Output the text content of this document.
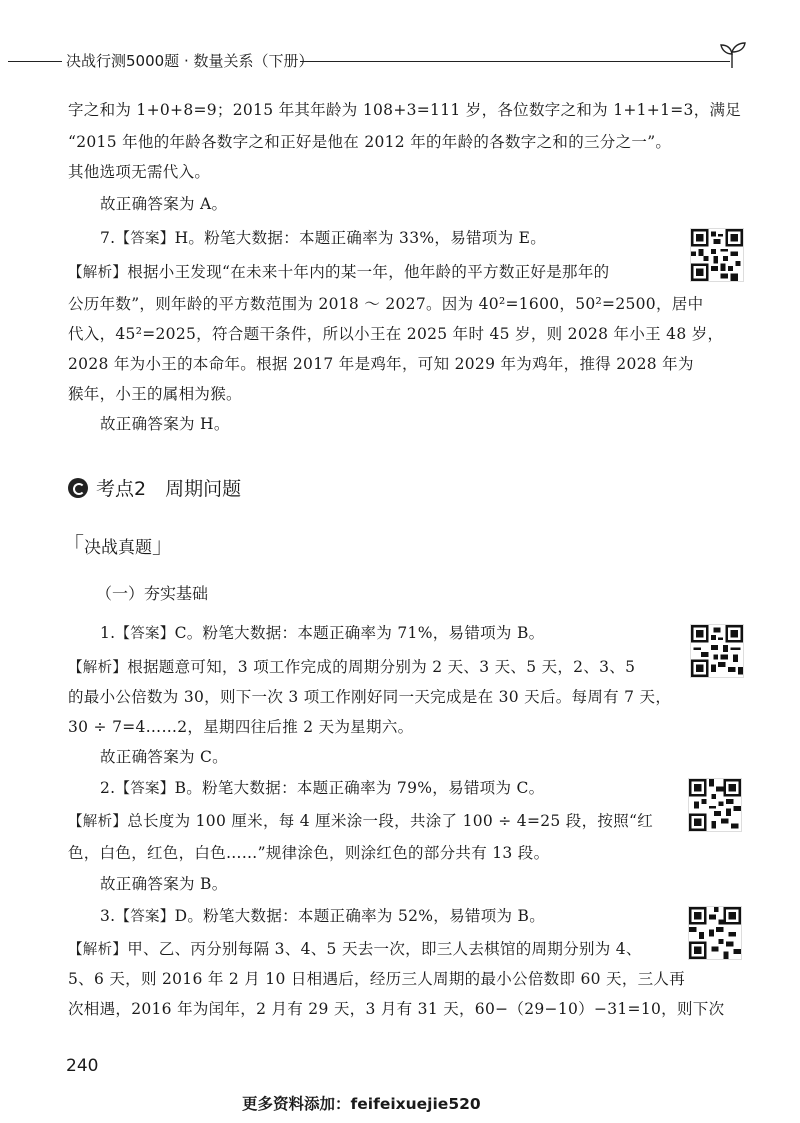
决战行测5000题 · 数量关系（下册）
字之和为 1+0+8=9；2015 年其年龄为 108+3=111 岁，各位数字之和为 1+1+1=3，满足
“2015 年他的年龄各数字之和正好是他在 2012 年的年龄的各数字之和的三分之一”。
其他选项无需代入。
故正确答案为 A。
7.【答案】H。粉笔大数据：本题正确率为 33%，易错项为 E。
【解析】根据小王发现“在未来十年内的某一年，他年龄的平方数正好是那年的
公历年数”，则年龄的平方数范围为 2018 ～ 2027。因为 40²=1600，50²=2500，居中
代入，45²=2025，符合题干条件，所以小王在 2025 年时 45 岁，则 2028 年小王 48 岁，
2028 年为小王的本命年。根据 2017 年是鸡年，可知 2029 年为鸡年，推得 2028 年为
猴年，小王的属相为猴。
故正确答案为 H。
考点2　周期问题
「决战真题」
（一）夯实基础
1.【答案】C。粉笔大数据：本题正确率为 71%，易错项为 B。
【解析】根据题意可知，3 项工作完成的周期分别为 2 天、3 天、5 天，2、3、5
的最小公倍数为 30，则下一次 3 项工作刚好同一天完成是在 30 天后。每周有 7 天，
30 ÷ 7=4……2，星期四往后推 2 天为星期六。
故正确答案为 C。
2.【答案】B。粉笔大数据：本题正确率为 79%，易错项为 C。
【解析】总长度为 100 厘米，每 4 厘米涂一段，共涂了 100 ÷ 4=25 段，按照“红
色，白色，红色，白色……”规律涂色，则涂红色的部分共有 13 段。
故正确答案为 B。
3.【答案】D。粉笔大数据：本题正确率为 52%，易错项为 B。
【解析】甲、乙、丙分别每隔 3、4、5 天去一次，即三人去棋馆的周期分别为 4、
5、6 天，则 2016 年 2 月 10 日相遇后，经历三人周期的最小公倍数即 60 天，三人再
次相遇，2016 年为闰年，2 月有 29 天，3 月有 31 天，60−（29−10）−31=10，则下次
240
更多资料添加：feifeixuejie520
